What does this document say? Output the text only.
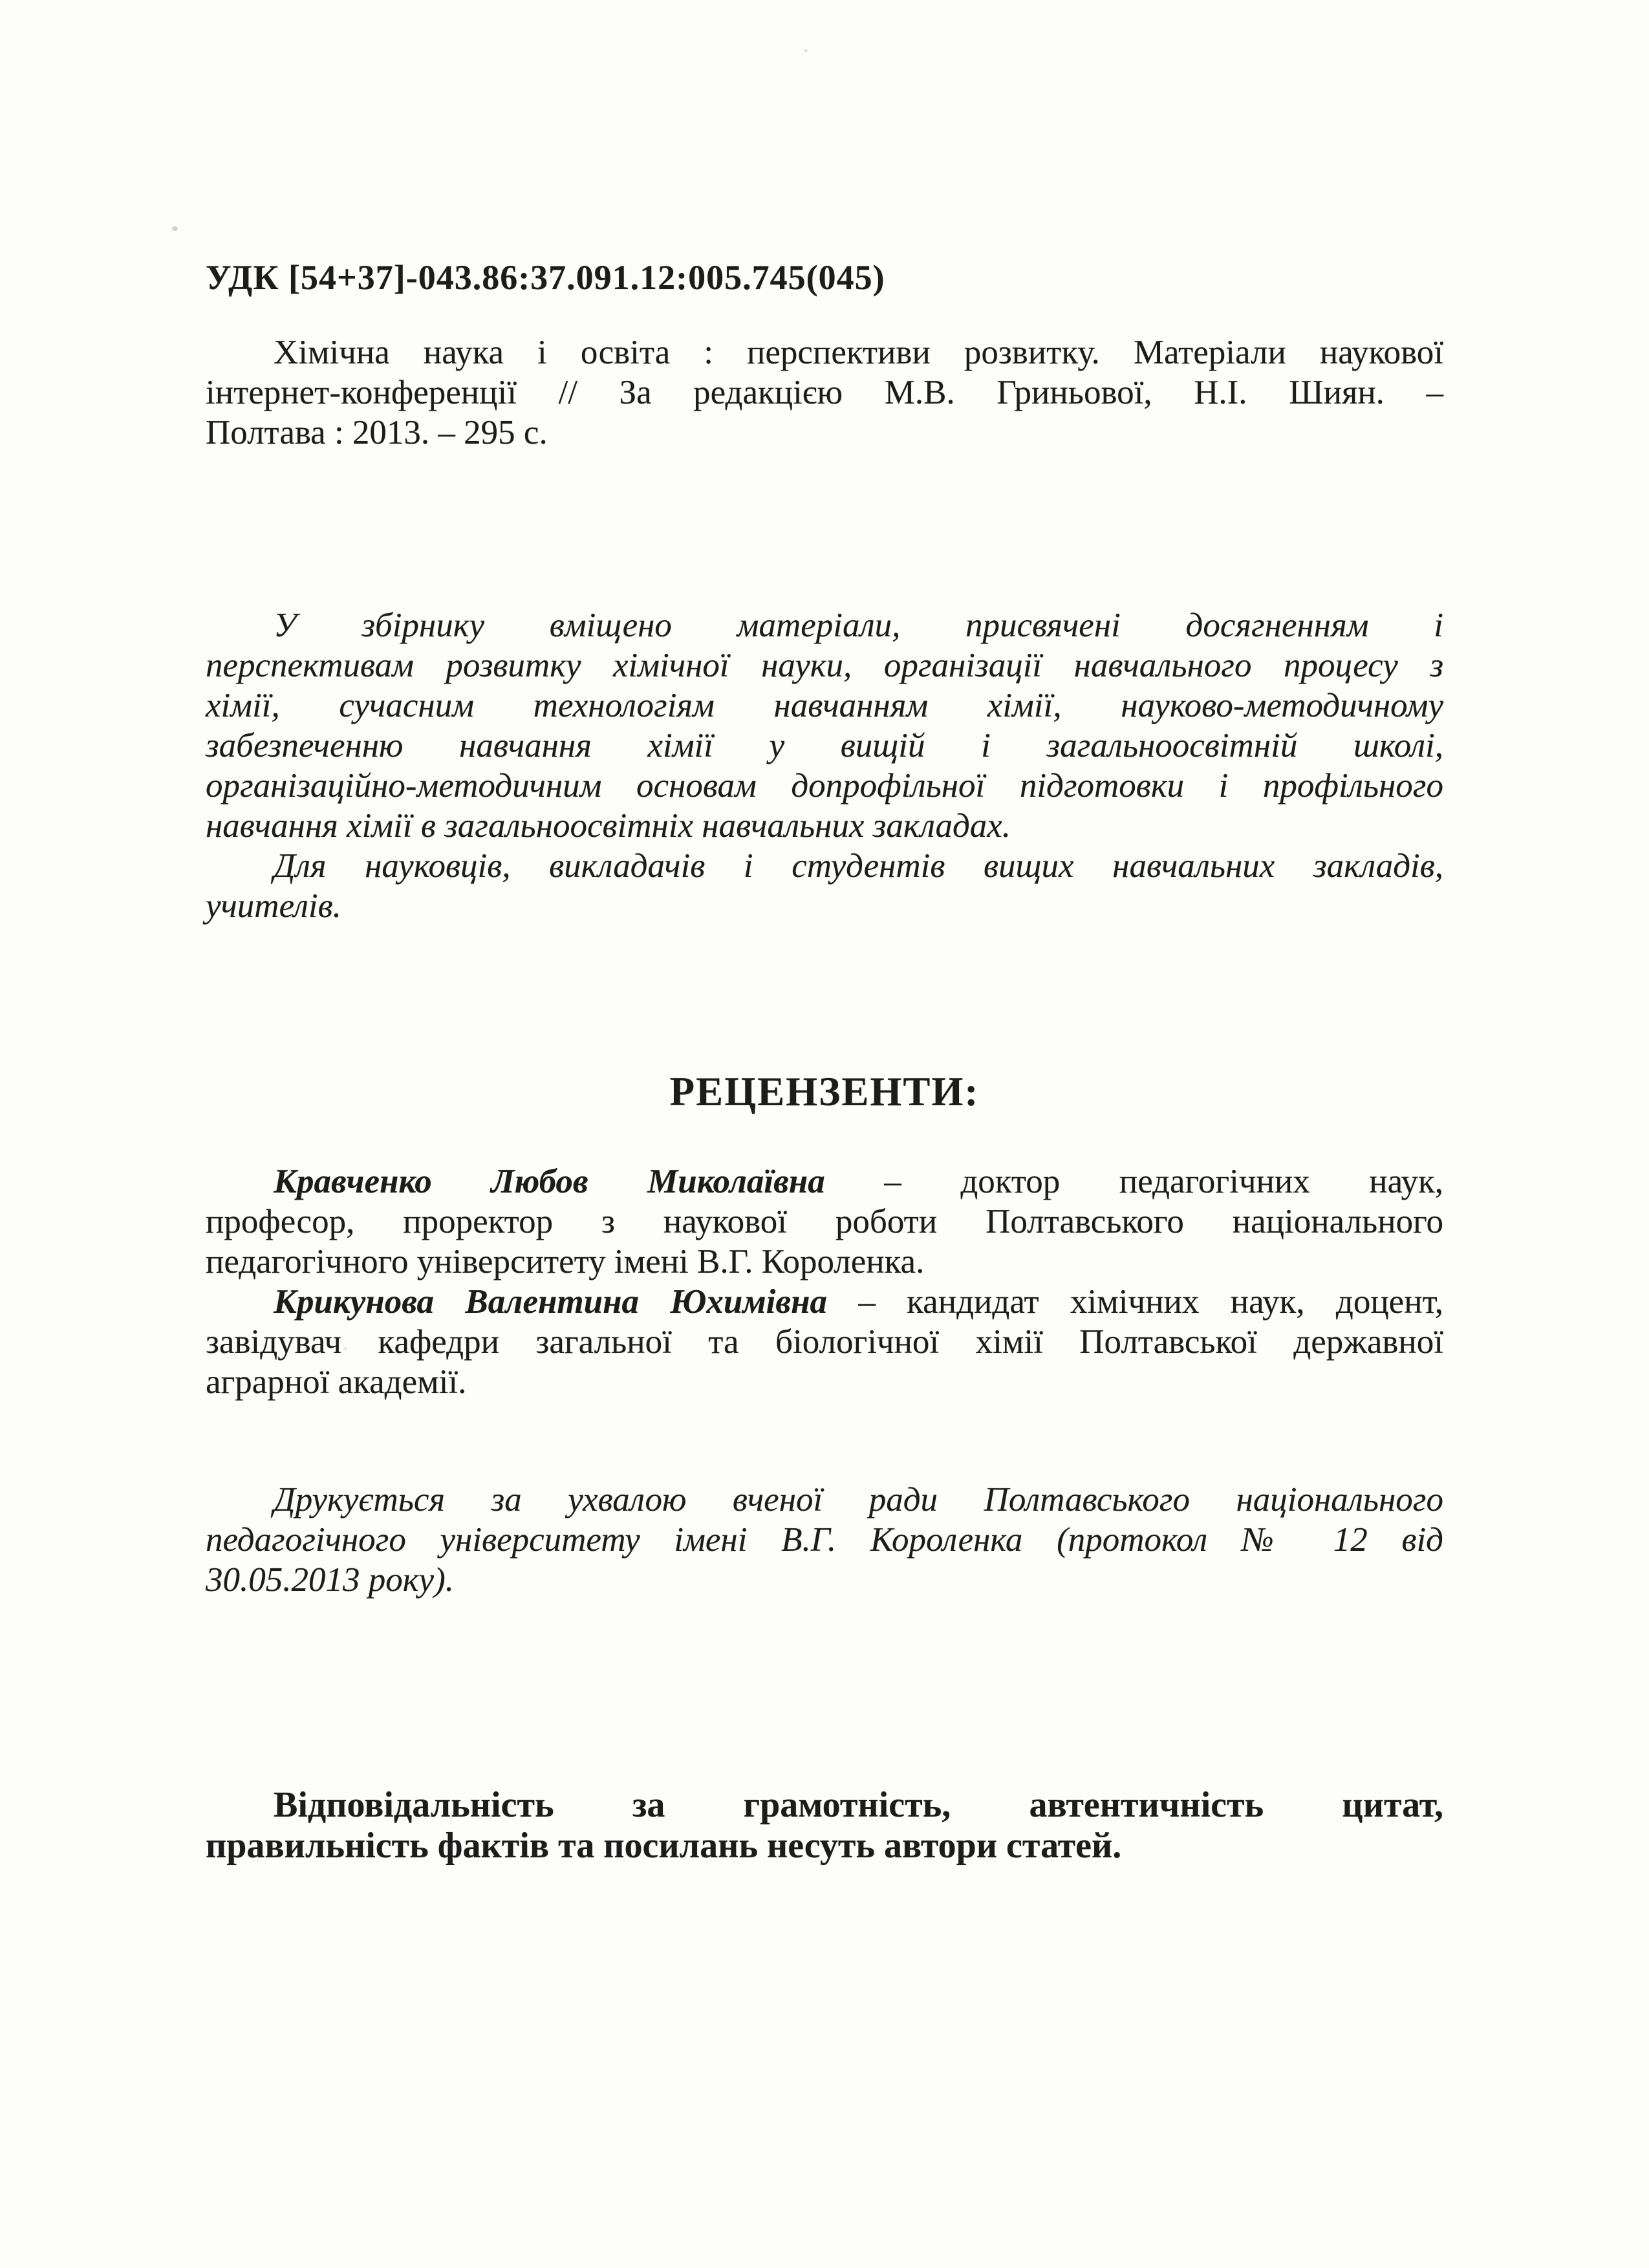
УДК [54+37]-043.86:37.091.12:005.745(045)
Хімічна наука і освіта : перспективи розвитку. Матеріали наукової
інтернет-конференції // За редакцією М.В. Гриньової, Н.І. Шиян. –
Полтава : 2013. – 295 с.
У збірнику вміщено матеріали, присвячені досягненням і
перспективам розвитку хімічної науки, організації навчального процесу з
хімії, сучасним технологіям навчанням хімії, науково-методичному
забезпеченню навчання хімії у вищій і загальноосвітній школі,
організаційно-методичним основам допрофільної підготовки і профільного
навчання хімії в загальноосвітніх навчальних закладах.
Для науковців, викладачів і студентів вищих навчальних закладів,
учителів.
РЕЦЕНЗЕНТИ:
Кравченко Любов Миколаївна – доктор педагогічних наук,
професор, проректор з наукової роботи Полтавського національного
педагогічного університету імені В.Г. Короленка.
Крикунова Валентина Юхимівна – кандидат хімічних наук, доцент,
завідувач кафедри загальної та біологічної хімії Полтавської державної
аграрної академії.
Друкується за ухвалою вченої ради Полтавського національного
педагогічного університету імені В.Г. Короленка (протокол № 12 від
30.05.2013 року).
Відповідальність за грамотність, автентичність цитат,
правильність фактів та посилань несуть автори статей.
